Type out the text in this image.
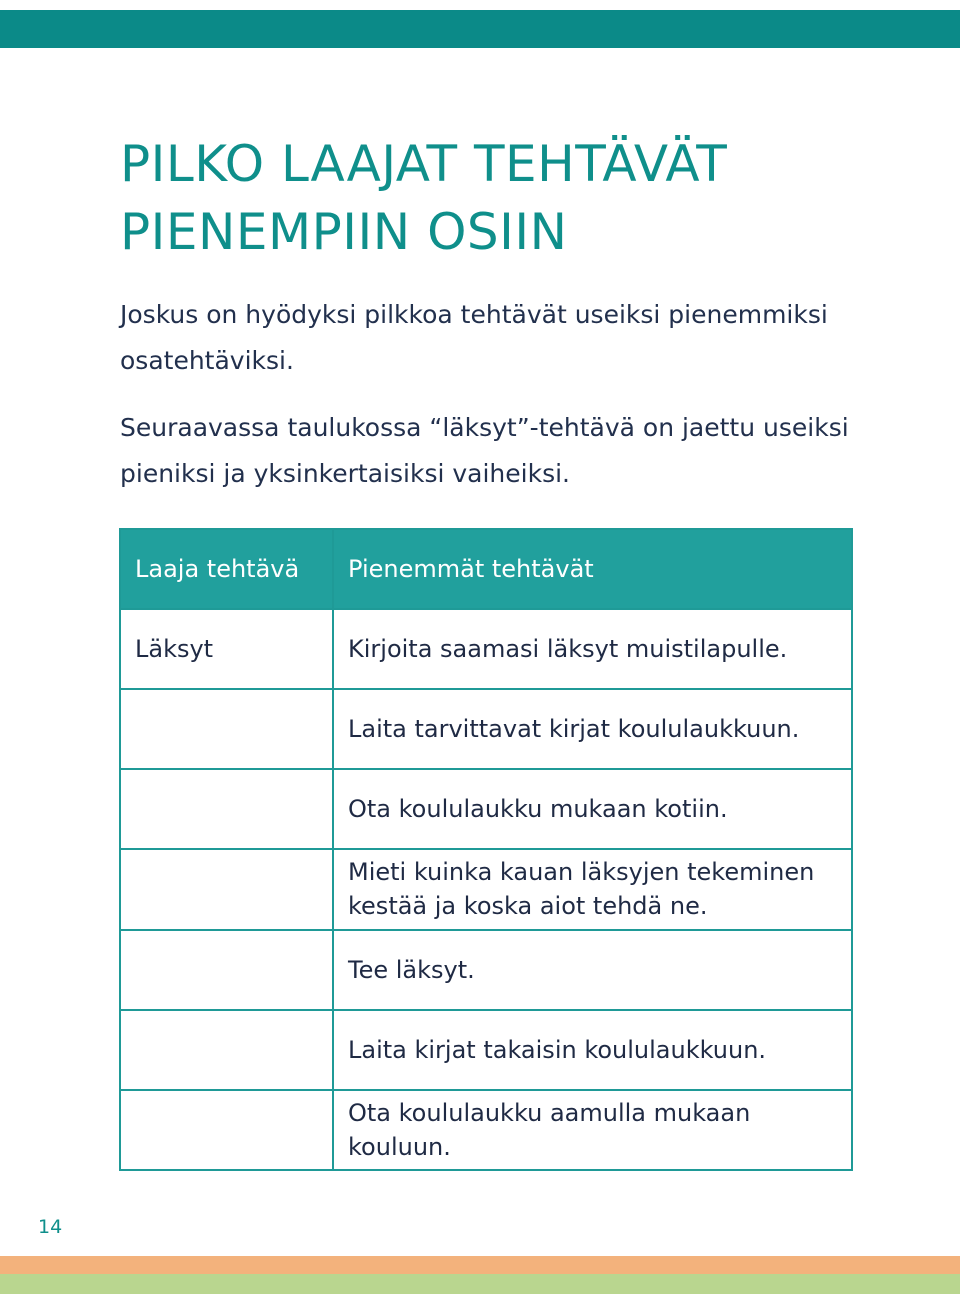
PILKO LAAJAT TEHTÄVÄT
PIENEMPIIN OSIIN

Joskus on hyödyksi pilkkoa tehtävät useiksi pienemmiksi osatehtäviksi.

Seuraavassa taulukossa “läksyt”-tehtävä on jaettu useiksi pieniksi ja yksinkertaisiksi vaiheiksi.

Laaja tehtävä	Pienemmät tehtävät
Läksyt	Kirjoita saamasi läksyt muistilapulle.
	Laita tarvittavat kirjat koululaukkuun.
	Ota koululaukku mukaan kotiin.
	Mieti kuinka kauan läksyjen tekeminen kestää ja koska aiot tehdä ne.
	Tee läksyt.
	Laita kirjat takaisin koululaukkuun.
	Ota koululaukku aamulla mukaan kouluun.
14
